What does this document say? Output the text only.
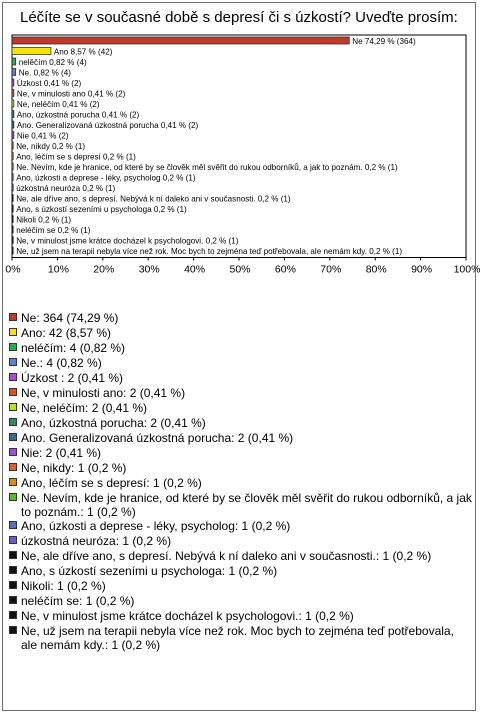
Léčíte se v současné době s depresí či s úzkostí? Uveďte prosím:
Ne 74,29 % (364)
Ano 8,57 % (42)
nelěčím 0,82 % (4)
Ne. 0,82 % (4)
Úzkost 0,41 % (2)
Ne, v minulosti ano 0,41 % (2)
Ne, neléčím 0,41 % (2)
Ano, úzkostná porucha 0,41 % (2)
Ano. Generalizovaná úzkostná porucha 0,41 % (2)
Nie 0,41 % (2)
Ne, nikdy 0,2 % (1)
Ano, léčím se s depresí 0,2 % (1)
Ne. Nevím, kde je hranice, od které by se člověk měl svěřit do rukou odborníků, a jak to poznám. 0,2 % (1)
Ano, úzkosti a deprese - léky, psycholog 0,2 % (1)
úzkostná neuróza 0,2 % (1)
Ne, ale dříve ano, s depresí. Nebývá k ní daleko ani v současnosti. 0,2 % (1)
Ano, s úzkostí sezeními u psychologa 0,2 % (1)
Nikoli 0,2 % (1)
neléčím se 0,2 % (1)
Ne, v minulost jsme krátce docházel k psychologovi. 0,2 % (1)
Ne, už jsem na terapii nebyla více než rok. Moc bych to zejména teď potřebovala, ale nemám kdy. 0,2 % (1)
0%	10% 20% 30% 40% 50% 60% 70% 80% 90% 100%
Ne: 364 (74,29 %)
Ano: 42 (8,57 %)
neléčím: 4 (0,82 %)
Ne.: 4 (0,82 %)
Úzkost : 2 (0,41 %)
Ne, v minulosti ano: 2 (0,41 %)
Ne, neléčím: 2 (0,41 %)
Ano, úzkostná porucha: 2 (0,41 %)
Ano. Generalizovaná úzkostná porucha: 2 (0,41 %)
Nie: 2 (0,41 %)
Ne, nikdy: 1 (0,2 %)
Ano, léčím se s depresí: 1 (0,2 %)
Ne. Nevím, kde je hranice, od které by se člověk měl svěřit do rukou odborníků, a jak to poznám.: 1 (0,2 %)
Ano, úzkosti a deprese - léky, psycholog: 1 (0,2 %)
úzkostná neuróza: 1 (0,2 %)
Ne, ale dříve ano, s depresí. Nebývá k ní daleko ani v současnosti.: 1 (0,2 %)
Ano, s úzkostí sezeními u psychologa: 1 (0,2 %)
Nikoli: 1 (0,2 %)
neléčím se: 1 (0,2 %)
Ne, v minulost jsme krátce docházel k psychologovi.: 1 (0,2 %)
Ne, už jsem na terapii nebyla více než rok. Moc bych to zejména teď potřebovala, ale nemám kdy.: 1 (0,2 %)
